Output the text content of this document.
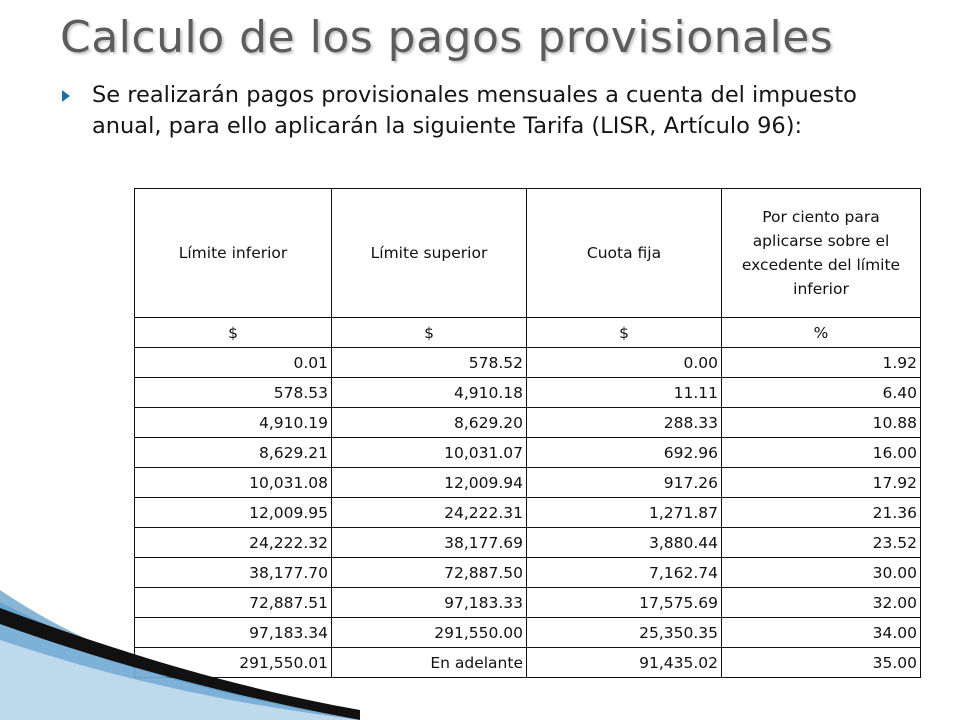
Calculo de los pagos provisionales
Se realizarán pagos provisionales mensuales a cuenta del impuesto anual, para ello aplicarán la siguiente Tarifa (LISR, Artículo 96):
Límite inferior	Límite superior	Cuota fija	Por ciento para aplicarse sobre el excedente del límite inferior
$	$	$	%
0.01	578.52	0.00	1.92
578.53	4,910.18	11.11	6.40
4,910.19	8,629.20	288.33	10.88
8,629.21	10,031.07	692.96	16.00
10,031.08	12,009.94	917.26	17.92
12,009.95	24,222.31	1,271.87	21.36
24,222.32	38,177.69	3,880.44	23.52
38,177.70	72,887.50	7,162.74	30.00
72,887.51	97,183.33	17,575.69	32.00
97,183.34	291,550.00	25,350.35	34.00
291,550.01	En adelante	91,435.02	35.00
